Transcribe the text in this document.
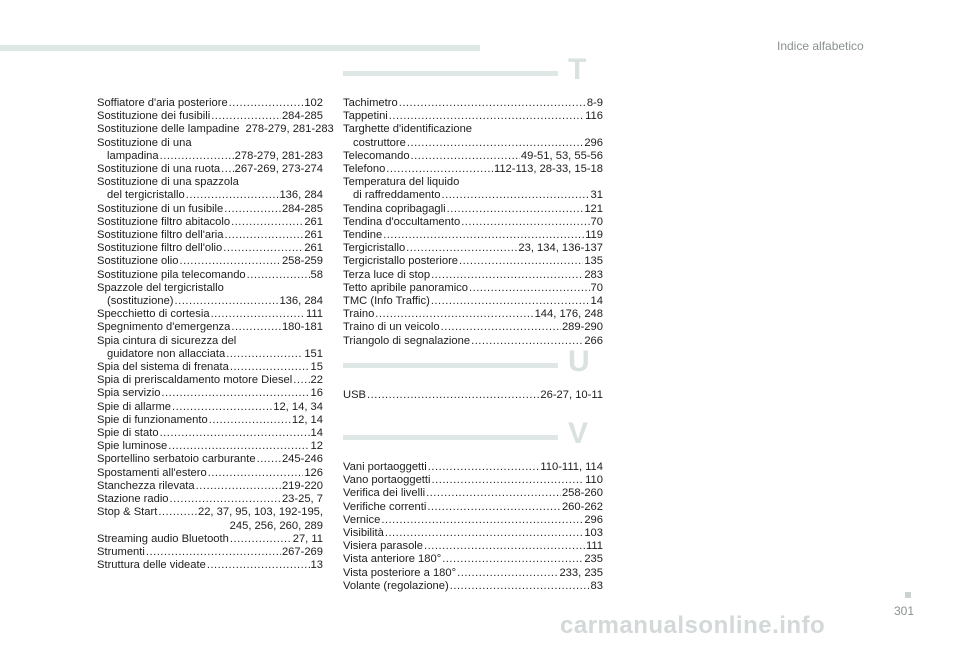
Indice alfabetico
Soffiatore d'aria posteriore .....	102
Sostituzione dei fusibili .....	284-285
Sostituzione delle lampadine 278-279, 281-283
Sostituzione di una
lampadina .....	278-279, 281-283
Sostituzione di una ruota ..... 267-269, 273-274
Sostituzione di una spazzola
del tergicristallo .....	136, 284
Sostituzione di un fusibile .....	284-285
Sostituzione filtro abitacolo .....	261
Sostituzione filtro dell'aria .....	261
Sostituzione filtro dell'olio .....	261
Sostituzione olio .....	258-259
Sostituzione pila telecomando .....	58
Spazzole del tergicristallo
(sostituzione) .....	136, 284
Specchietto di cortesia .....	111
Spegnimento d'emergenza .....	180-181
Spia cintura di sicurezza del
guidatore non allacciata .....	151
Spia del sistema di frenata .....	15
Spia di preriscaldamento motore Diesel ..... 22
Spia servizio .....	16
Spie di allarme .....	12, 14, 34
Spie di funzionamento .....	12, 14
Spie di stato .....	14
Spie luminose .....	12
Sportellino serbatoio carburante ..... 245-246
Spostamenti all'estero .....	126
Stanchezza rilevata .....	219-220
Stazione radio .....	23-25, 7
Stop & Start .....	22, 37, 95, 103, 192-195,
245, 256, 260, 289
Streaming audio Bluetooth .....	27, 11
Strumenti .....	267-269
Struttura delle videate .....	13
T
Tachimetro .....	8-9
Tappetini .....	116
Targhette d'identificazione
costruttore .....	296
Telecomando .....	49-51, 53, 55-56
Telefono .....	112-113, 28-33, 15-18
Temperatura del liquido
di raffreddamento .....	31
Tendina copribagagli .....	121
Tendina d'occultamento .....	70
Tendine .....	119
Tergicristallo .....	23, 134, 136-137
Tergicristallo posteriore .....	135
Terza luce di stop .....	283
Tetto apribile panoramico .....	70
TMC (Info Traffic) .....	14
Traino .....	144, 176, 248
Traino di un veicolo .....	289-290
Triangolo di segnalazione .....	266
U
USB .....	26-27, 10-11
V
Vani portaoggetti .....	110-111, 114
Vano portaoggetti .....	110
Verifica dei livelli .....	258-260
Verifiche correnti .....	260-262
Vernice .....	296
Visibilità .....	103
Visiera parasole .....	111
Vista anteriore 180° .....	235
Vista posteriore a 180° .....	233, 235
Volante (regolazione) .....	83
301
carmanualsonline.info
